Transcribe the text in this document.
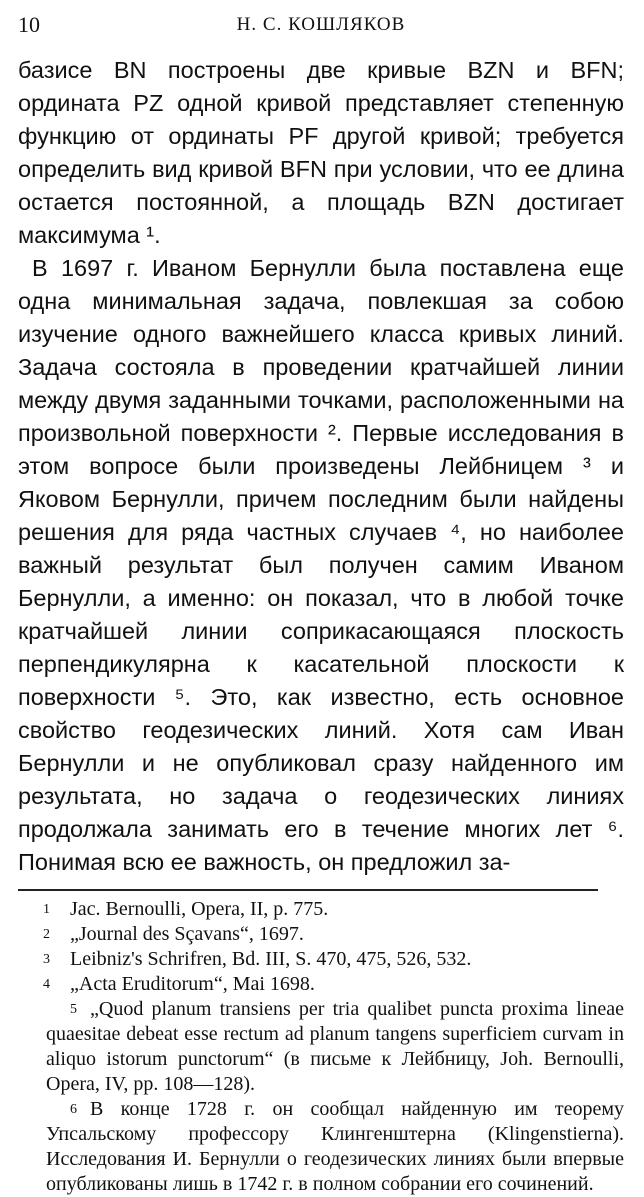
10	Н. С. КОШЛЯКОВ

базисе BN построены две кривые BZN и BFN; ордината PZ одной кривой представляет степенную функцию от ординаты PF другой кривой; требуется определить вид кривой BFN при условии, что ее длина остается постоянной, а площадь BZN достигает максимума ¹.

В 1697 г. Иваном Бернулли была поставлена еще одна минимальная задача, повлекшая за собою изучение одного важнейшего класса кривых линий. Задача состояла в проведении кратчайшей линии между двумя заданными точками, расположенными на произвольной поверхности ². Первые исследования в этом вопросе были произведены Лейбницем ³ и Яковом Бернулли, причем последним были найдены решения для ряда частных случаев ⁴, но наиболее важный результат был получен самим Иваном Бернулли, а именно: он показал, что в любой точке кратчайшей линии соприкасающаяся плоскость перпендикулярна к касательной плоскости к поверхности ⁵. Это, как известно, есть основное свойство геодезических линий. Хотя сам Иван Бернулли и не опубликовал сразу найденного им результата, но задача о геодезических линиях продолжала занимать его в течение многих лет ⁶. Понимая всю ее важность, он предложил за-

1 Jac. Bernoulli, Opera, II, p. 775.

2 „Journal des Sçavans“, 1697.

3 Leibniz's Schrifren, Bd. III, S. 470, 475, 526, 532.

4 „Acta Eruditorum“, Mai 1698.

5 „Quod planum transiens per tria qualibet puncta proxima lineae quaesitae debeat esse rectum ad planum tangens superficiem curvam in aliquo istorum punctorum“ (в письме к Лейбницу, Joh. Bernoulli, Opera, IV, pp. 108—128).

6 В конце 1728 г. он сообщал найденную им теорему Упсальскому профессору Клингенштерна (Klingenstierna). Исследования И. Бернулли о геодезических линиях были впервые опубликованы лишь в 1742 г. в полном собрании его сочинений.
